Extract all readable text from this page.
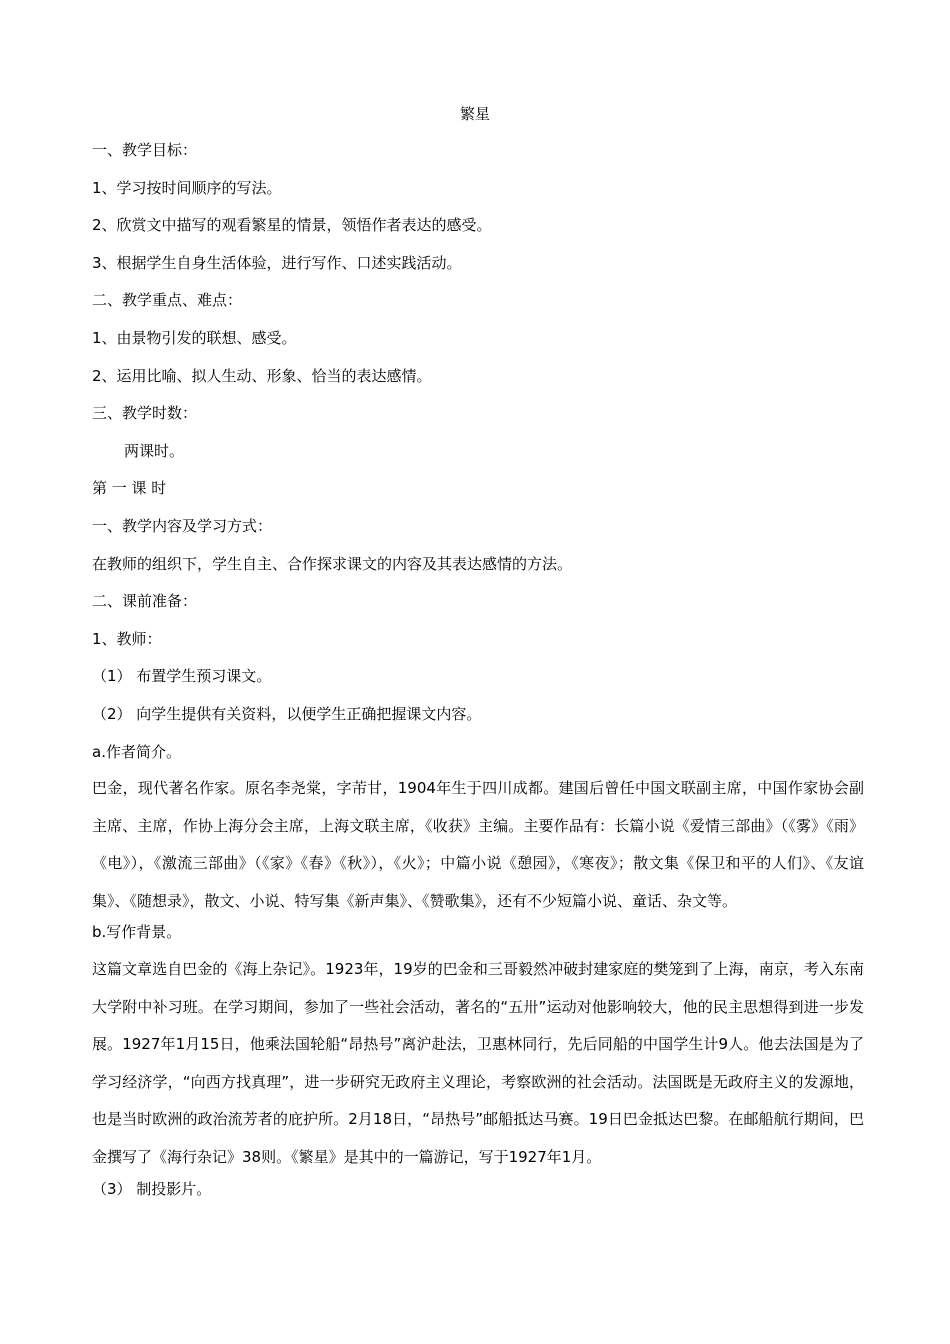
繁星
一、教学目标：
1、学习按时间顺序的写法。
2、欣赏文中描写的观看繁星的情景，领悟作者表达的感受。
3、根据学生自身生活体验，进行写作、口述实践活动。
二、教学重点、难点：
1、由景物引发的联想、感受。
2、运用比喻、拟人生动、形象、恰当的表达感情。
三、教学时数：
两课时。
第 一 课 时
一、教学内容及学习方式：
在教师的组织下，学生自主、合作探求课文的内容及其表达感情的方法。
二、课前准备：
1、教师：
（1） 布置学生预习课文。
（2） 向学生提供有关资料，以便学生正确把握课文内容。
a.作者简介。

巴金，现代著名作家。原名李尧棠，字芾甘，1904年生于四川成都。建国后曾任中国文联副主席，中国作家协会副主席、主席，作协上海分会主席，上海文联主席，《收获》主编。主要作品有：长篇小说《爱情三部曲》（《雾》《雨》《电》），《激流三部曲》（《家》《春》《秋》），《火》；中篇小说《憩园》，《寒夜》；散文集《保卫和平的人们》、《友谊集》、《随想录》，散文、小说、特写集《新声集》、《赞歌集》，还有不少短篇小说、童话、杂文等。

b.写作背景。

这篇文章选自巴金的《海上杂记》。1923年，19岁的巴金和三哥毅然冲破封建家庭的樊笼到了上海，南京，考入东南大学附中补习班。在学习期间，参加了一些社会活动，著名的“五卅”运动对他影响较大，他的民主思想得到进一步发展。1927年1月15日，他乘法国轮船“昂热号”离沪赴法，卫惠林同行，先后同船的中国学生计9人。他去法国是为了学习经济学，“向西方找真理”，进一步研究无政府主义理论，考察欧洲的社会活动。法国既是无政府主义的发源地，也是当时欧洲的政治流芳者的庇护所。2月18日，“昂热号”邮船抵达马赛。19日巴金抵达巴黎。在邮船航行期间，巴金撰写了《海行杂记》38则。《繁星》是其中的一篇游记，写于1927年1月。

（3） 制投影片。
